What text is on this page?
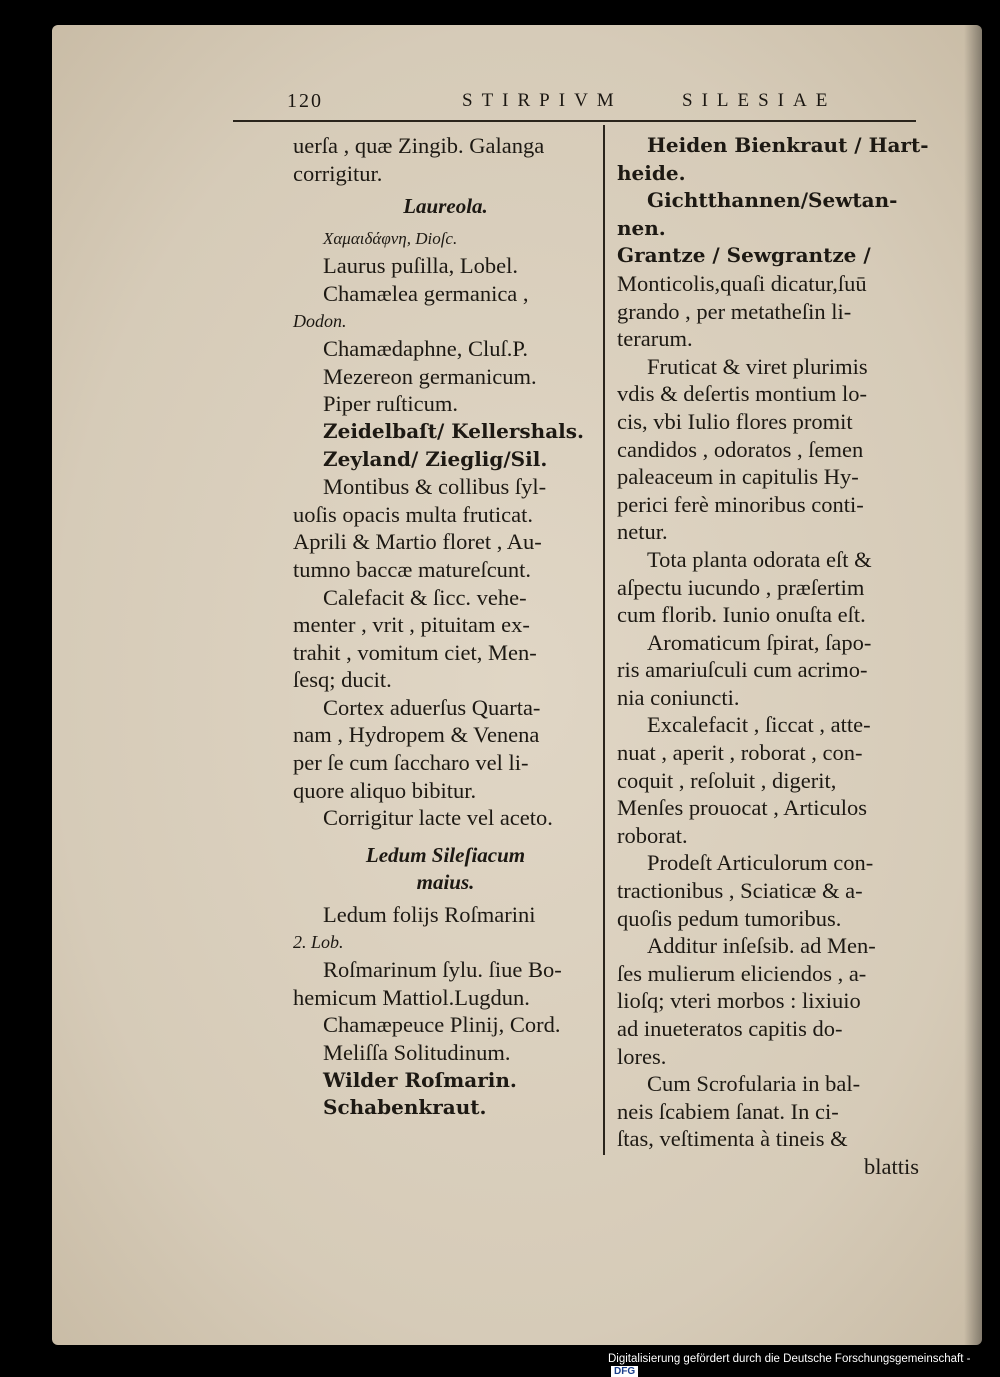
120	STIRPIVM	SILESIAE

uerſa , quæ Zingib. Galanga

corrigitur.

Laureola.

Χαμαιδάφνη, Dioſc.

Laurus puſilla, Lobel.

Chamælea germanica ,

Dodon.

Chamædaphne, Cluſ.P.

Mezereon germanicum.

Piper ruſticum.

Zeidelbaſt/ Kellershals.

Zeyland/ Zieglig/Sil.

Montibus & collibus ſyl-

uoſis opacis multa fruticat.

Aprili & Martio floret , Au-

tumno baccæ matureſcunt.

Calefacit & ſicc. vehe-

menter , vrit , pituitam ex-

trahit , vomitum ciet, Men-

ſesq; ducit.

Cortex aduerſus Quarta-

nam , Hydropem & Venena

per ſe cum ſaccharo vel li-

quore aliquo bibitur.

Corrigitur lacte vel aceto.

Ledum Sileſiacum

maius.

Ledum folijs Roſmarini

2. Lob.

Roſmarinum ſylu. ſiue Bo-

hemicum Mattiol.Lugdun.

Chamæpeuce Plinij, Cord.

Meliſſa Solitudinum.

Wilder Roſmarin.

Schabenkraut.

Heiden Bienkraut / Hart-

heide.

Gichtthannen/Sewtan-

nen.

Grantze / Sewgrantze /

Monticolis,quaſi dicatur,ſuū

grando , per metatheſin li-

terarum.

Fruticat & viret plurimis

vdis & deſertis montium lo-

cis, vbi Iulio flores promit

candidos , odoratos , ſemen

paleaceum in capitulis Hy-

perici ferè minoribus conti-

netur.

Tota planta odorata eſt &

aſpectu iucundo , præſertim

cum florib. Iunio onuſta eſt.

Aromaticum ſpirat, ſapo-

ris amariuſculi cum acrimo-

nia coniuncti.

Excalefacit , ſiccat , atte-

nuat , aperit , roborat , con-

coquit , reſoluit , digerit,

Menſes prouocat , Articulos

roborat.

Prodeſt Articulorum con-

tractionibus , Sciaticæ & a-

quoſis pedum tumoribus.

Additur inſeſsib. ad Men-

ſes mulierum eliciendos , a-

lioſq; vteri morbos : lixiuio

ad inueteratos capitis do-

lores.

Cum Scrofularia in bal-

neis ſcabiem ſanat. In ci-

ſtas, veſtimenta à tineis &

blattis

Digitalisierung gefördert durch die Deutsche Forschungsgemeinschaft -DFG
